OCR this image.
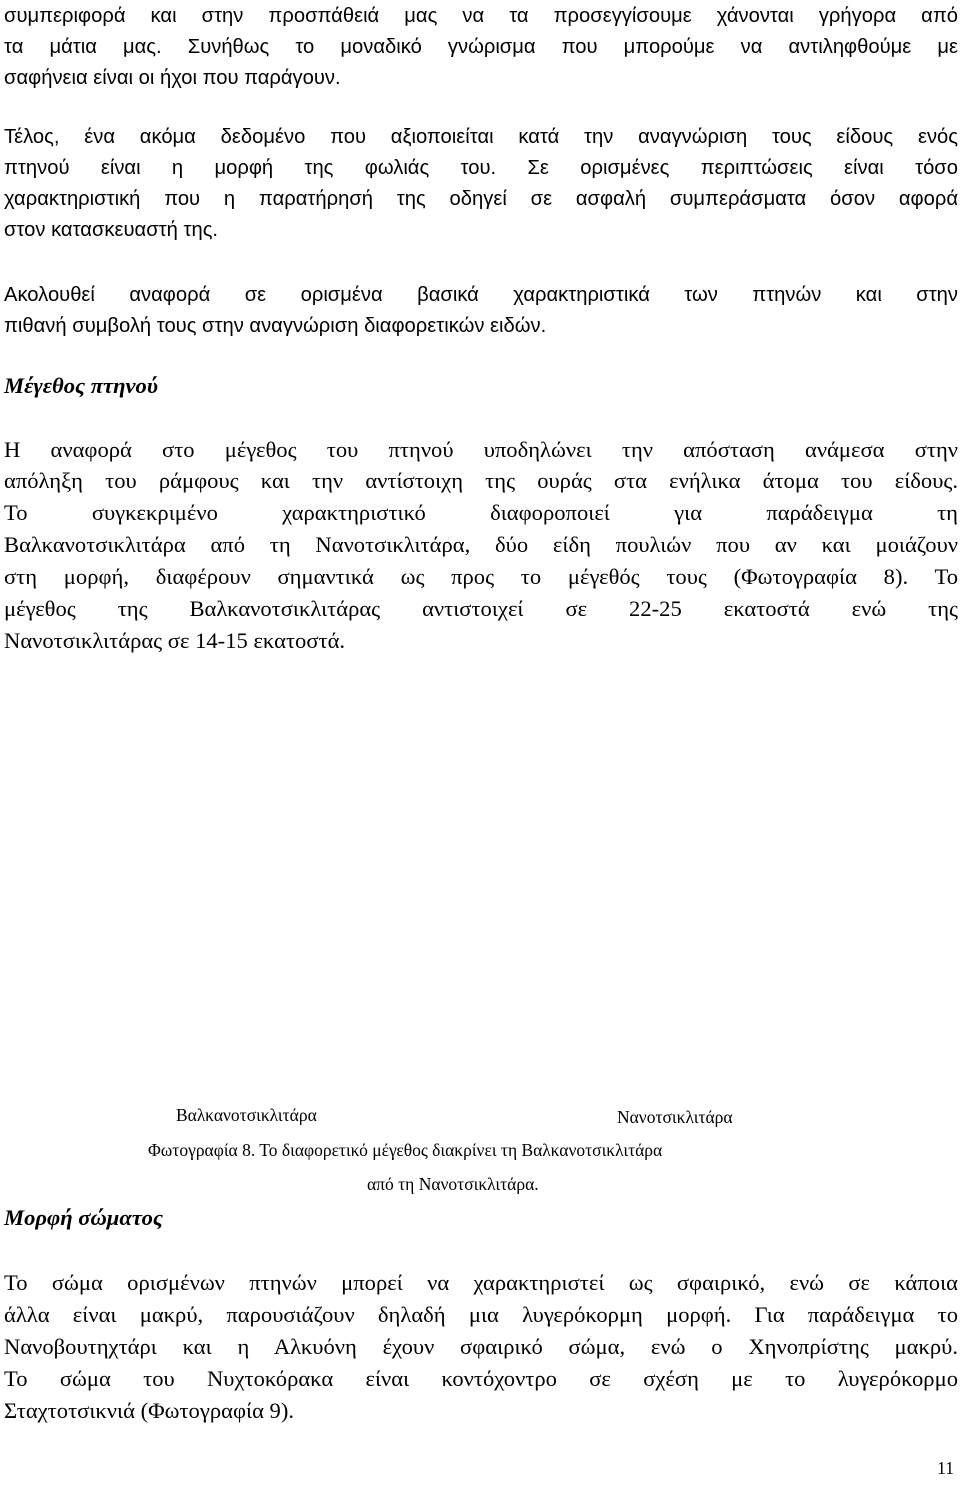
συμπεριφορά και στην προσπάθειά μας να τα προσεγγίσουμε χάνονται γρήγορα από
τα μάτια μας. Συνήθως το μοναδικό γνώρισμα που μπορούμε να αντιληφθούμε με
σαφήνεια είναι οι ήχοι που παράγουν.
Τέλος, ένα ακόμα δεδομένο που αξιοποιείται κατά την αναγνώριση τους είδους ενός
πτηνού είναι η μορφή της φωλιάς του. Σε ορισμένες περιπτώσεις είναι τόσο
χαρακτηριστική που η παρατήρησή της οδηγεί σε ασφαλή συμπεράσματα όσον αφορά
στον κατασκευαστή της.
Ακολουθεί αναφορά σε ορισμένα βασικά χαρακτηριστικά των πτηνών και στην
πιθανή συμβολή τους στην αναγνώριση διαφορετικών ειδών.
Μέγεθος πτηνού
Η αναφορά στο μέγεθος του πτηνού υποδηλώνει την απόσταση ανάμεσα στην
απόληξη του ράμφους και την αντίστοιχη της ουράς στα ενήλικα άτομα του είδους.
Το συγκεκριμένο χαρακτηριστικό διαφοροποιεί για παράδειγμα τη
Βαλκανοτσικλιτάρα από τη Νανοτσικλιτάρα, δύο είδη πουλιών που αν και μοιάζουν
στη μορφή, διαφέρουν σημαντικά ως προς το μέγεθός τους (Φωτογραφία 8). Το
μέγεθος της Βαλκανοτσικλιτάρας αντιστοιχεί σε 22-25 εκατοστά ενώ της
Νανοτσικλιτάρας σε 14-15 εκατοστά.
Βαλκανοτσικλιτάρα	Νανοτσικλιτάρα
Φωτογραφία 8. Το διαφορετικό μέγεθος διακρίνει τη Βαλκανοτσικλιτάρα
από τη Νανοτσικλιτάρα.
Μορφή σώματος
Το σώμα ορισμένων πτηνών μπορεί να χαρακτηριστεί ως σφαιρικό, ενώ σε κάποια
άλλα είναι μακρύ, παρουσιάζουν δηλαδή μια λυγερόκορμη μορφή. Για παράδειγμα το
Νανοβουτηχτάρι και η Αλκυόνη έχουν σφαιρικό σώμα, ενώ ο Χηνοπρίστης μακρύ.
Το σώμα του Νυχτοκόρακα είναι κοντόχοντρο σε σχέση με το λυγερόκορμο
Σταχτοτσικνιά (Φωτογραφία 9).
11
